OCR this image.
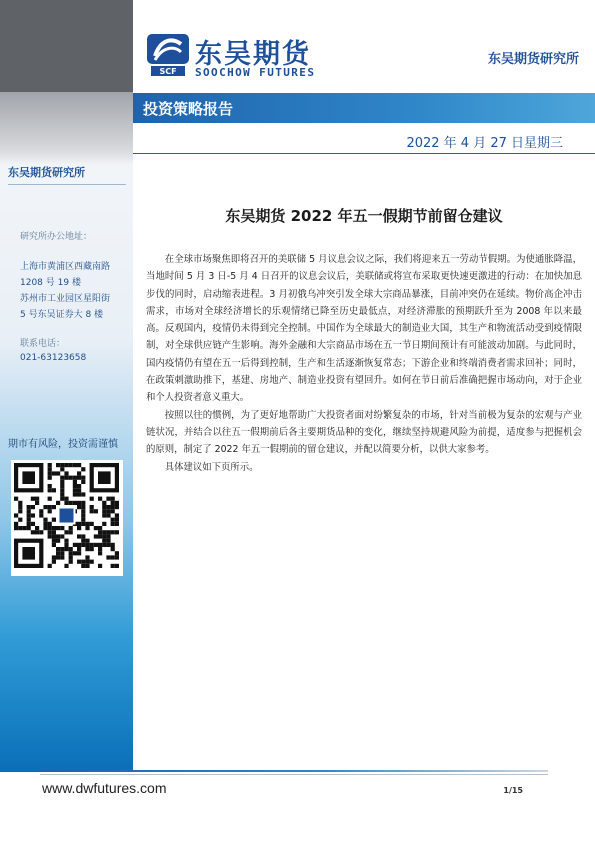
SCF
东吴期货
SOOCHOW FUTURES
东吴期货研究所
投资策略报告
2022 年 4 月 27 日星期三
东吴期货研究所
研究所办公地址：
上海市黄浦区西藏南路
1208 号 19 楼
苏州市工业园区星阳街
5 号东吴证券大 8 楼
联系电话：
021-63123658
期市有风险，投资需谨慎
东吴期货 2022 年五一假期节前留仓建议

在全球市场聚焦即将召开的美联储 5 月议息会议之际，我们将迎来五一劳动节假期。为使通胀降温，当地时间 5 月 3 日-5 月 4 日召开的议息会议后，美联储或将宣布采取更快速更激进的行动：在加快加息步伐的同时，启动缩表进程。3 月初俄乌冲突引发全球大宗商品暴涨，目前冲突仍在延续。物价高企冲击需求，市场对全球经济增长的乐观情绪已降至历史最低点，对经济滞胀的预期跃升至为 2008 年以来最高。反观国内，疫情仍未得到完全控制。中国作为全球最大的制造业大国，其生产和物流活动受到疫情限制，对全球供应链产生影响。海外金融和大宗商品市场在五一节日期间预计有可能波动加剧。与此同时，国内疫情仍有望在五一后得到控制，生产和生活逐渐恢复常态；下游企业和终端消费者需求回补；同时，在政策刺激助推下，基建、房地产、制造业投资有望回升。如何在节日前后准确把握市场动向，对于企业和个人投资者意义重大。

按照以往的惯例，为了更好地帮助广大投资者面对纷繁复杂的市场，针对当前极为复杂的宏观与产业链状况，并结合以往五一假期前后各主要期货品种的变化，继续坚持规避风险为前提，适度参与把握机会的原则，制定了 2022 年五一假期前的留仓建议，并配以简要分析，以供大家参考。

具体建议如下页所示。

www.dwfutures.com	1/15
